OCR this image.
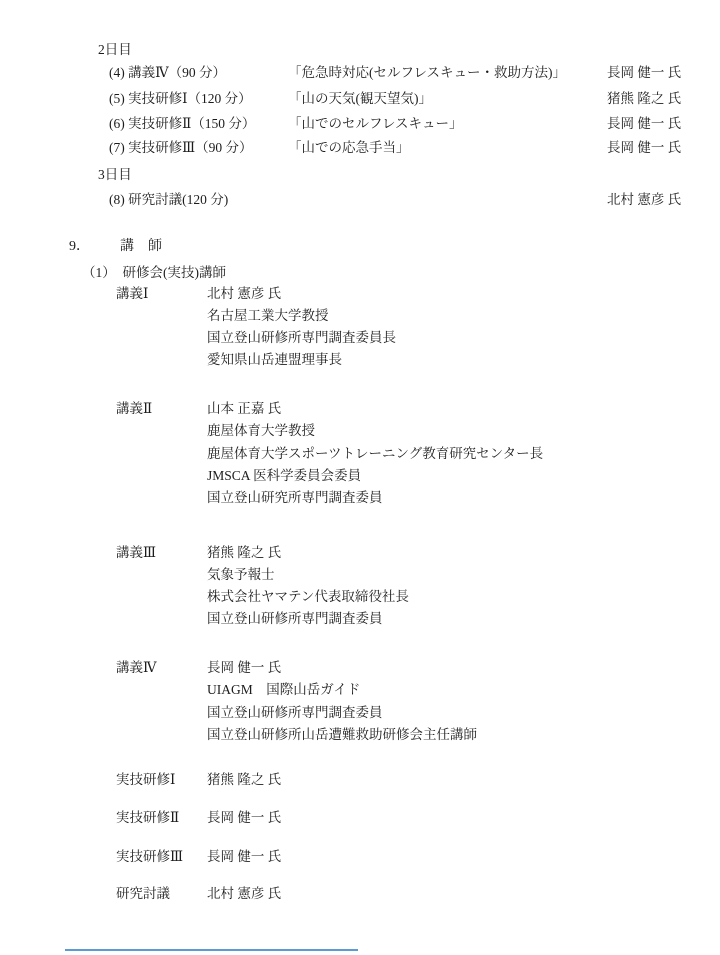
2日目
(4) 講義Ⅳ（90 分）	「危急時対応(セルフレスキュー・救助方法)」	長岡 健一 氏
(5) 実技研修Ⅰ（120 分）	「山の天気(観天望気)」	猪熊 隆之 氏
(6) 実技研修Ⅱ（150 分） 「山でのセルフレスキュー」	長岡 健一 氏
(7) 実技研修Ⅲ（90 分）	「山での応急手当」	長岡 健一 氏
3日目
(8) 研究討議(120 分)	北村 憲彦 氏
9． 講　師
（1）　研修会(実技)講師
講義Ⅰ	北村 憲彦 氏
名古屋工業大学教授
国立登山研修所専門調査委員長
愛知県山岳連盟理事長
講義Ⅱ	山本 正嘉 氏
鹿屋体育大学教授
鹿屋体育大学スポーツトレーニング教育研究センター長
JMSCA 医科学委員会委員
国立登山研究所専門調査委員
講義Ⅲ	猪熊 隆之 氏
気象予報士
株式会社ヤマテン代表取締役社長
国立登山研修所専門調査委員
講義Ⅳ	長岡 健一 氏
UIAGM　国際山岳ガイド
国立登山研修所専門調査委員
国立登山研修所山岳遭難救助研修会主任講師
実技研修Ⅰ 猪熊 隆之 氏
実技研修Ⅱ 長岡 健一 氏
実技研修Ⅲ 長岡 健一 氏
研究討議	北村 憲彦 氏
